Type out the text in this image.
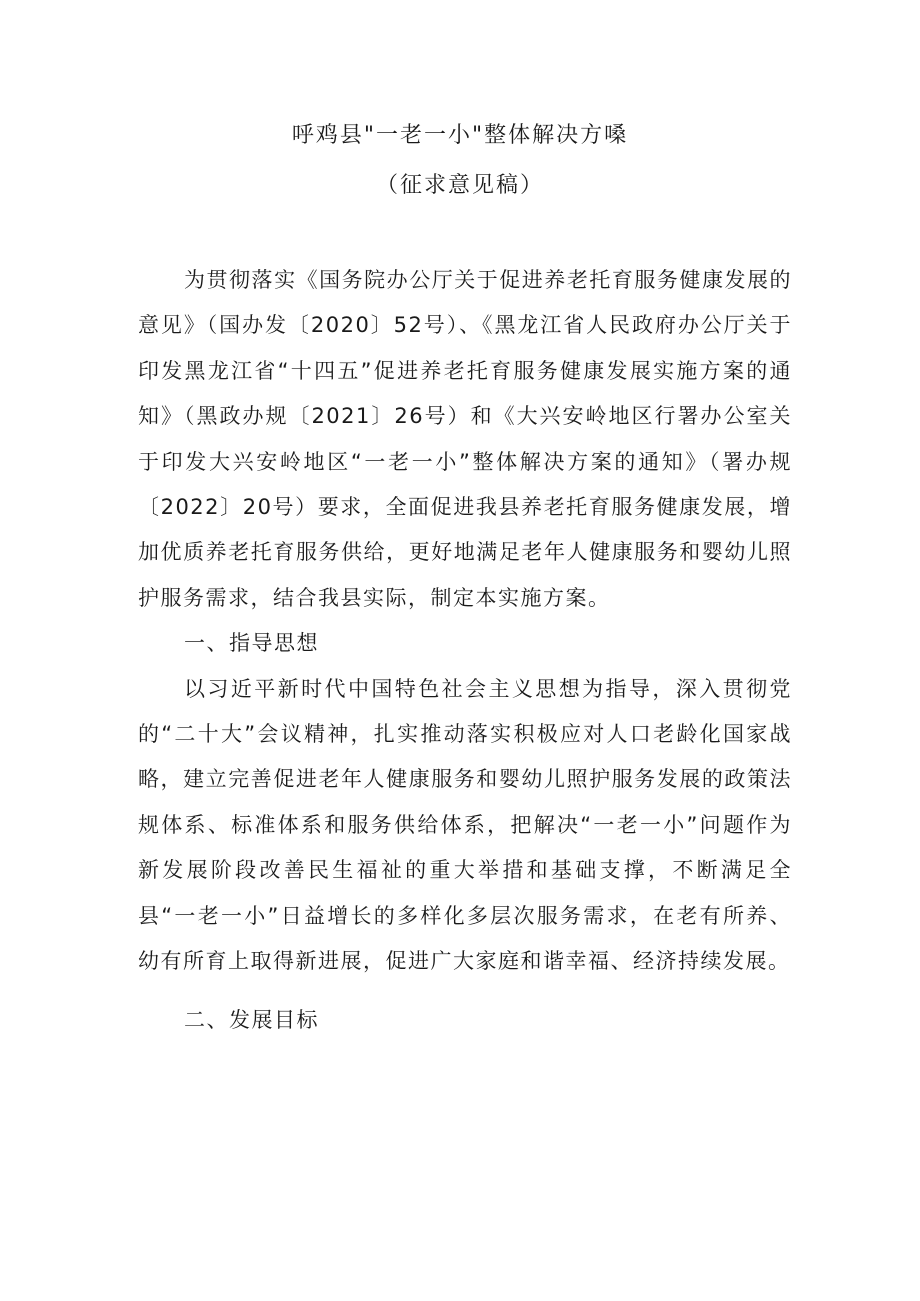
呼鸡县"一老一小"整体解决方嗓
（征求意见稿）

为贯彻落实《国务院办公厅关于促进养老托育服务健康发展的意见》（国办发〔2020〕52号）、《黑龙江省人民政府办公厅关于印发黑龙江省“十四五”促进养老托育服务健康发展实施方案的通知》（黑政办规〔2021〕26号）和《大兴安岭地区行署办公室关于印发大兴安岭地区“一老一小”整体解决方案的通知》（署办规〔2022〕20号）要求，全面促进我县养老托育服务健康发展，增加优质养老托育服务供给，更好地满足老年人健康服务和婴幼儿照护服务需求，结合我县实际，制定本实施方案。

一、指导思想

以习近平新时代中国特色社会主义思想为指导，深入贯彻党的“二十大”会议精神，扎实推动落实积极应对人口老龄化国家战略，建立完善促进老年人健康服务和婴幼儿照护服务发展的政策法规体系、标准体系和服务供给体系，把解决“一老一小”问题作为新发展阶段改善民生福祉的重大举措和基础支撑，不断满足全县“一老一小”日益增长的多样化多层次服务需求，在老有所养、幼有所育上取得新进展，促进广大家庭和谐幸福、经济持续发展。

二、发展目标
